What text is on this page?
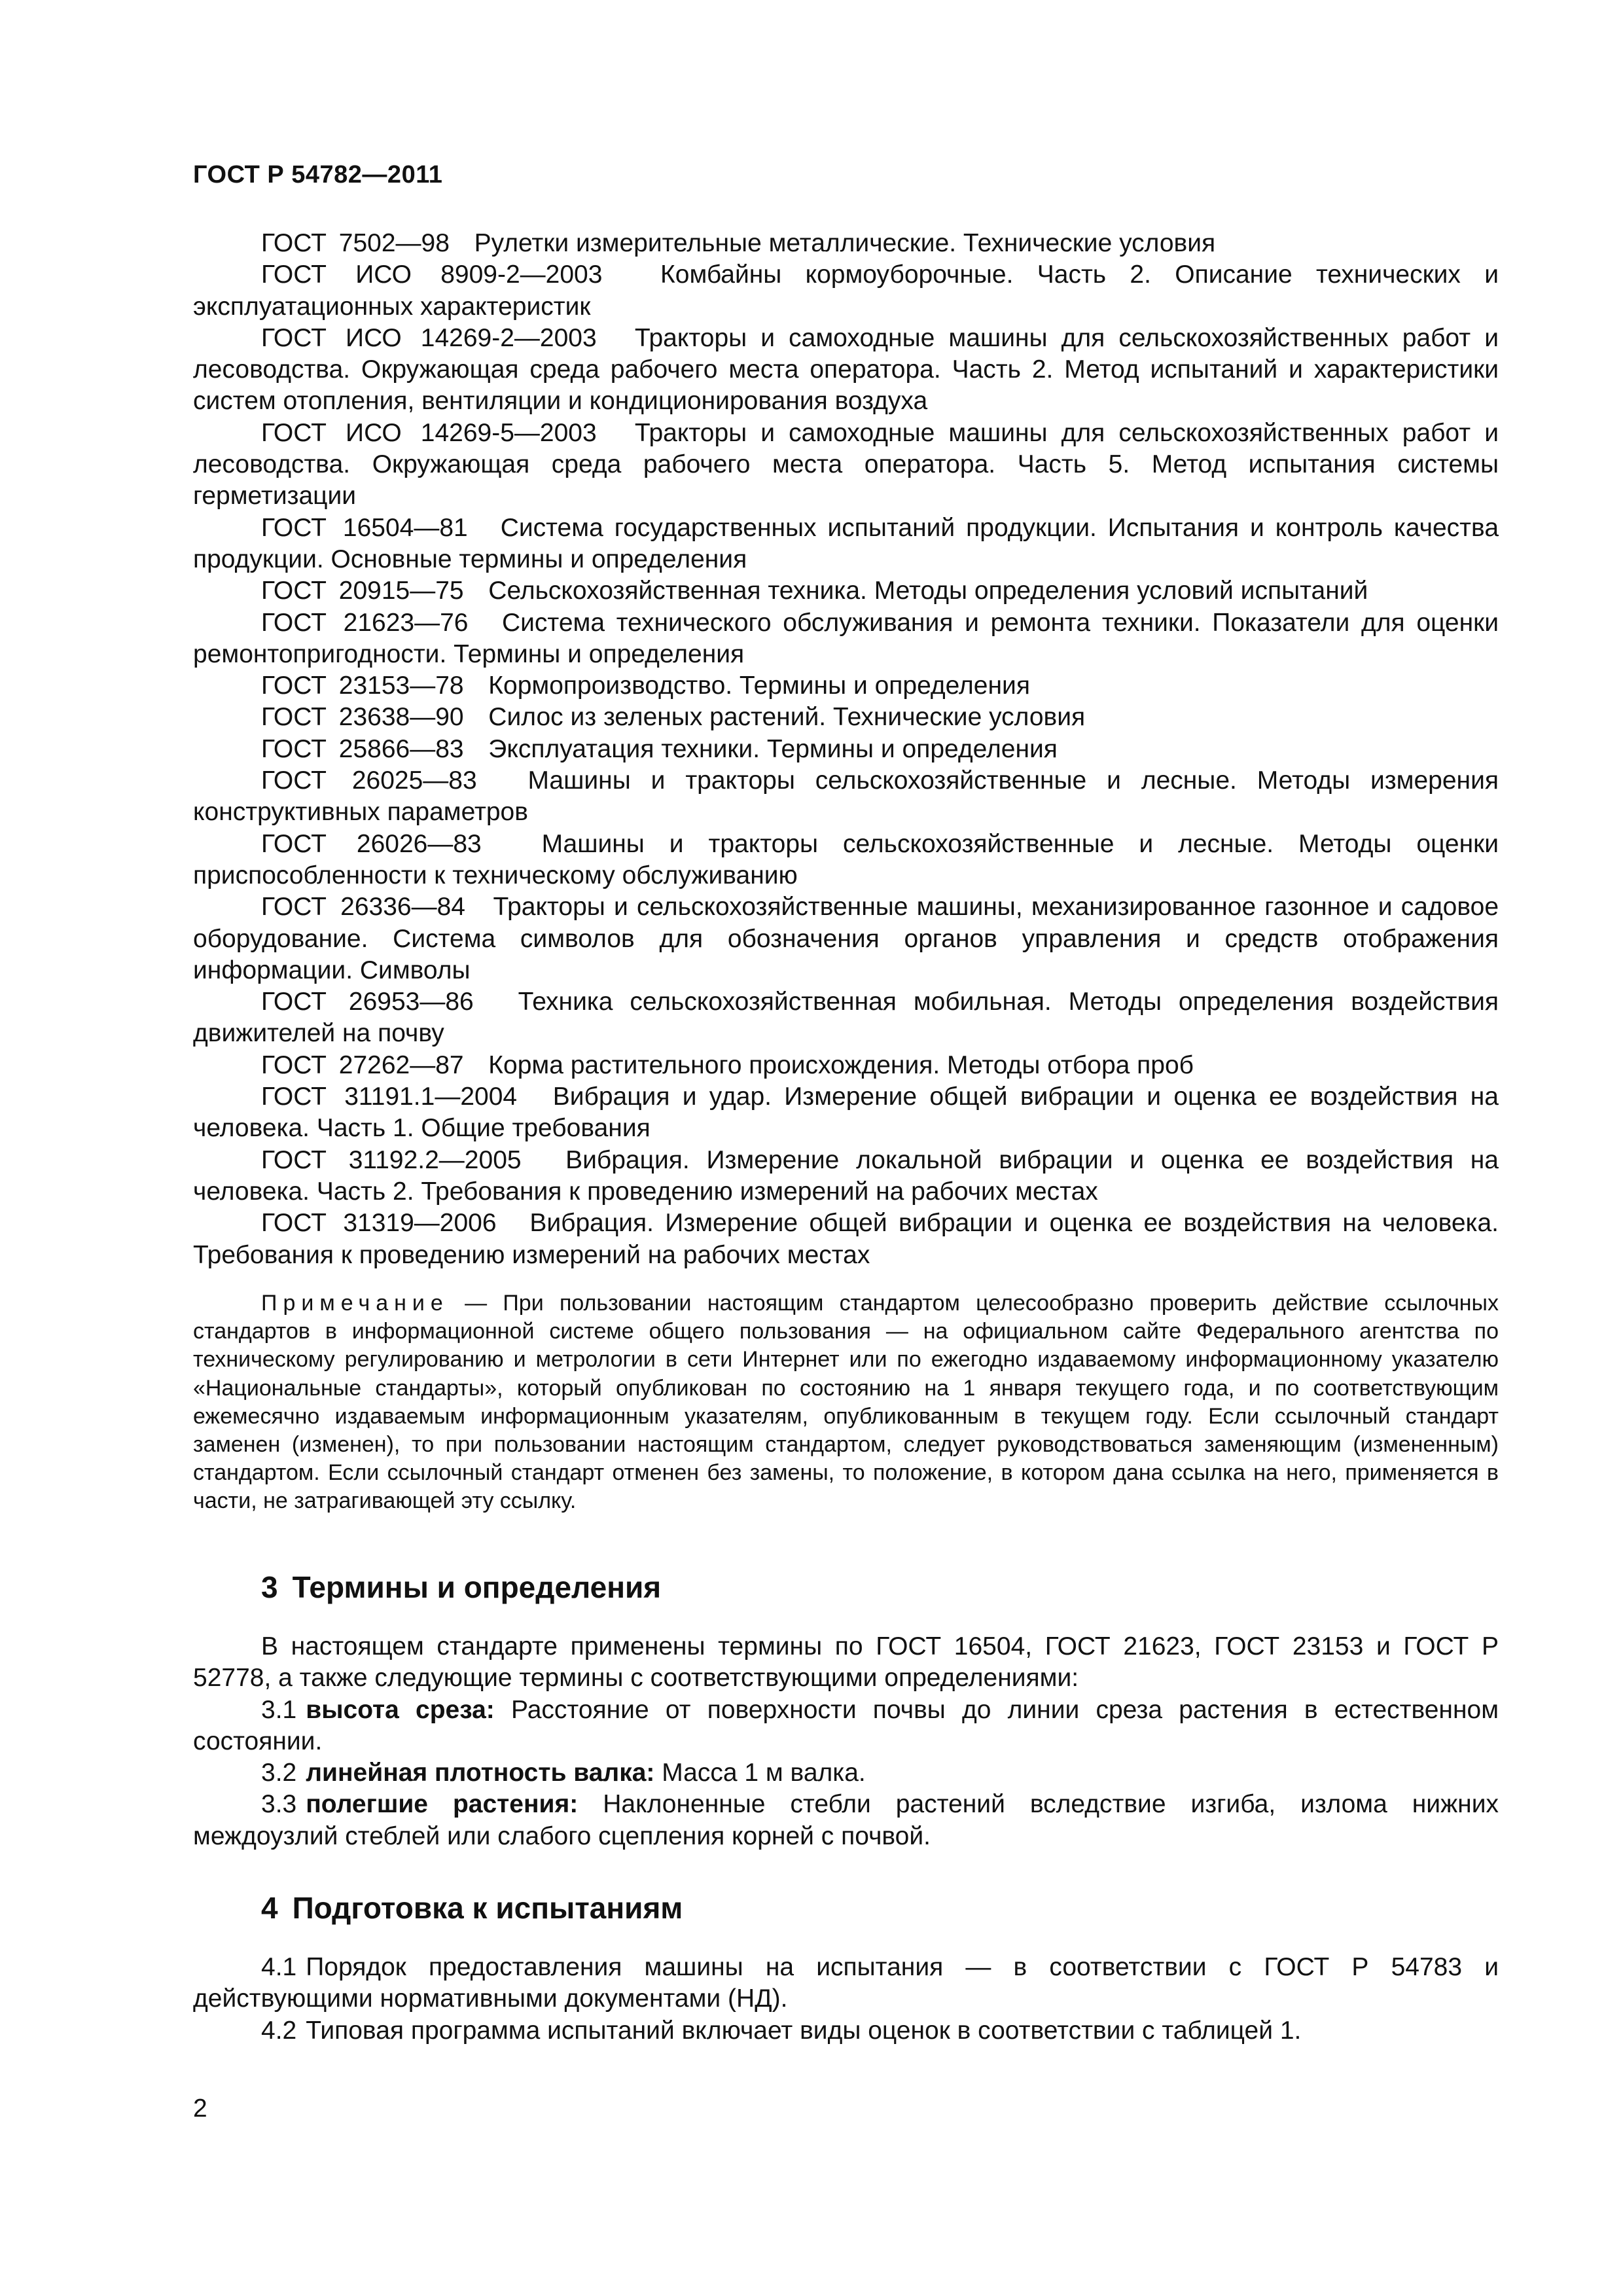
ГОСТ Р 54782—2011

ГОСТ 7502—98 Рулетки измерительные металлические. Технические условия

ГОСТ ИСО 8909-2—2003 Комбайны кормоуборочные. Часть 2. Описание технических и эксплуатационных характеристик

ГОСТ ИСО 14269-2—2003 Тракторы и самоходные машины для сельскохозяйственных работ и лесоводства. Окружающая среда рабочего места оператора. Часть 2. Метод испытаний и характеристики систем отопления, вентиляции и кондиционирования воздуха

ГОСТ ИСО 14269-5—2003 Тракторы и самоходные машины для сельскохозяйственных работ и лесоводства. Окружающая среда рабочего места оператора. Часть 5. Метод испытания системы герметизации

ГОСТ 16504—81 Система государственных испытаний продукции. Испытания и контроль качества продукции. Основные термины и определения

ГОСТ 20915—75 Сельскохозяйственная техника. Методы определения условий испытаний

ГОСТ 21623—76 Система технического обслуживания и ремонта техники. Показатели для оценки ремонтопригодности. Термины и определения

ГОСТ 23153—78 Кормопроизводство. Термины и определения

ГОСТ 23638—90 Силос из зеленых растений. Технические условия

ГОСТ 25866—83 Эксплуатация техники. Термины и определения

ГОСТ 26025—83 Машины и тракторы сельскохозяйственные и лесные. Методы измерения конструктивных параметров

ГОСТ 26026—83 Машины и тракторы сельскохозяйственные и лесные. Методы оценки приспособленности к техническому обслуживанию

ГОСТ 26336—84 Тракторы и сельскохозяйственные машины, механизированное газонное и садовое оборудование. Система символов для обозначения органов управления и средств отображения информации. Символы

ГОСТ 26953—86 Техника сельскохозяйственная мобильная. Методы определения воздействия движителей на почву

ГОСТ 27262—87 Корма растительного происхождения. Методы отбора проб

ГОСТ 31191.1—2004 Вибрация и удар. Измерение общей вибрации и оценка ее воздействия на человека. Часть 1. Общие требования

ГОСТ 31192.2—2005 Вибрация. Измерение локальной вибрации и оценка ее воздействия на человека. Часть 2. Требования к проведению измерений на рабочих местах

ГОСТ 31319—2006 Вибрация. Измерение общей вибрации и оценка ее воздействия на человека. Требования к проведению измерений на рабочих местах

Примечание — При пользовании настоящим стандартом целесообразно проверить действие ссылочных стандартов в информационной системе общего пользования — на официальном сайте Федерального агентства по техническому регулированию и метрологии в сети Интернет или по ежегодно издаваемому информационному указателю «Национальные стандарты», который опубликован по состоянию на 1 января текущего года, и по соответствующим ежемесячно издаваемым информационным указателям, опубликованным в текущем году. Если ссылочный стандарт заменен (изменен), то при пользовании настоящим стандартом, следует руководствоваться заменяющим (измененным) стандартом. Если ссылочный стандарт отменен без замены, то положение, в котором дана ссылка на него, применяется в части, не затрагивающей эту ссылку.

3 Термины и определения

В настоящем стандарте применены термины по ГОСТ 16504, ГОСТ 21623, ГОСТ 23153 и ГОСТ Р 52778, а также следующие термины с соответствующими определениями:

3.1 высота среза: Расстояние от поверхности почвы до линии среза растения в естественном состоянии.

3.2 линейная плотность валка: Масса 1 м валка.

3.3 полегшие растения: Наклоненные стебли растений вследствие изгиба, излома нижних междоузлий стеблей или слабого сцепления корней с почвой.

4 Подготовка к испытаниям

4.1 Порядок предоставления машины на испытания — в соответствии с ГОСТ Р 54783 и действующими нормативными документами (НД).

4.2 Типовая программа испытаний включает виды оценок в соответствии с таблицей 1.

2
